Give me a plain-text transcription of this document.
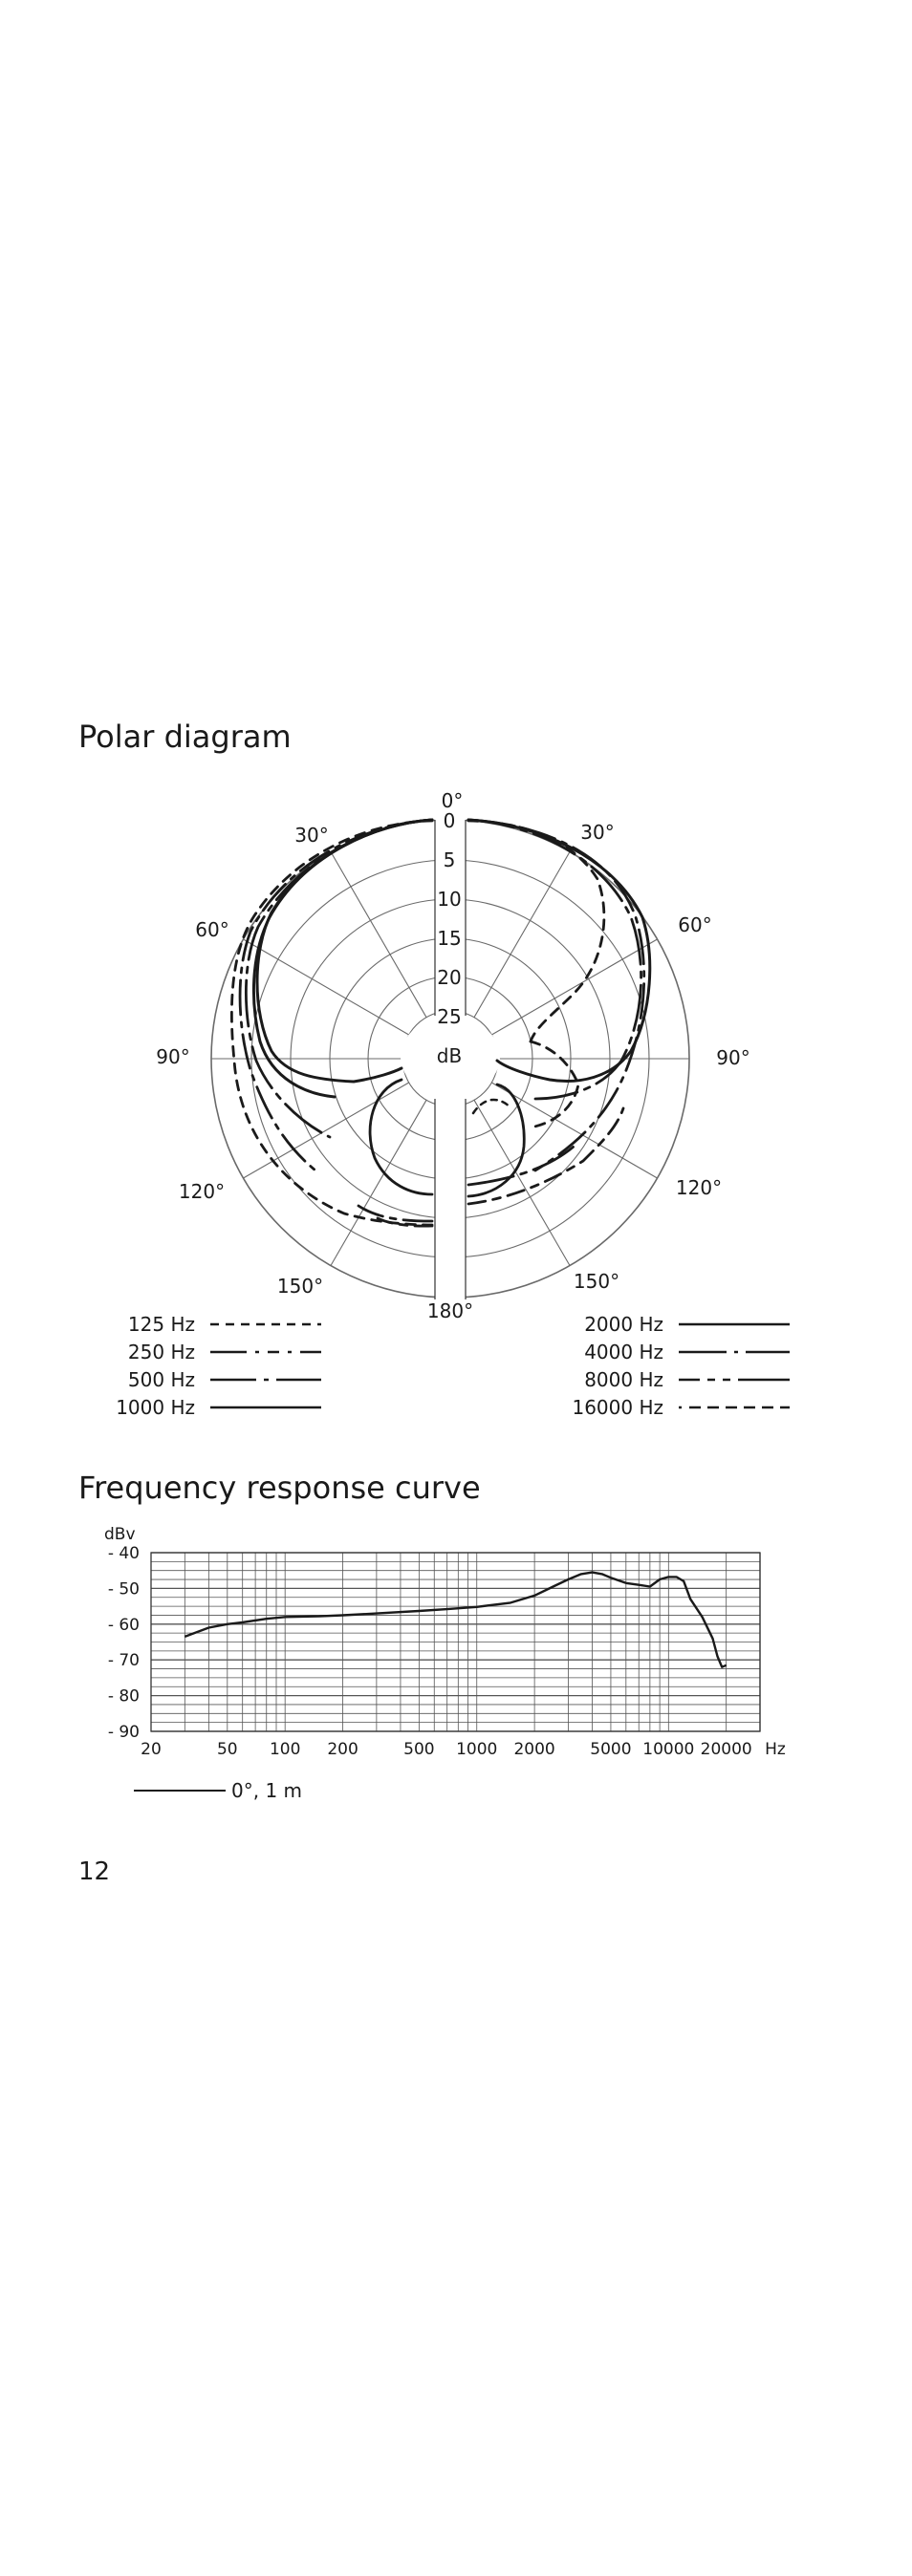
Polar diagram
0°
180°
0
5
10
15
20
25
dB
30°	30°
60°	60°
90°	90°
120°	120°
150°	150°
125 Hz
250 Hz
500 Hz
1000 Hz
2000 Hz
4000 Hz
8000 Hz
16000 Hz
Frequency response curve
dBv
20	50 100 200	500 1000 2000 5000 10000 20000
- 40
- 50
- 60
- 70
- 80
- 90
Hz
0°, 1 m

12
